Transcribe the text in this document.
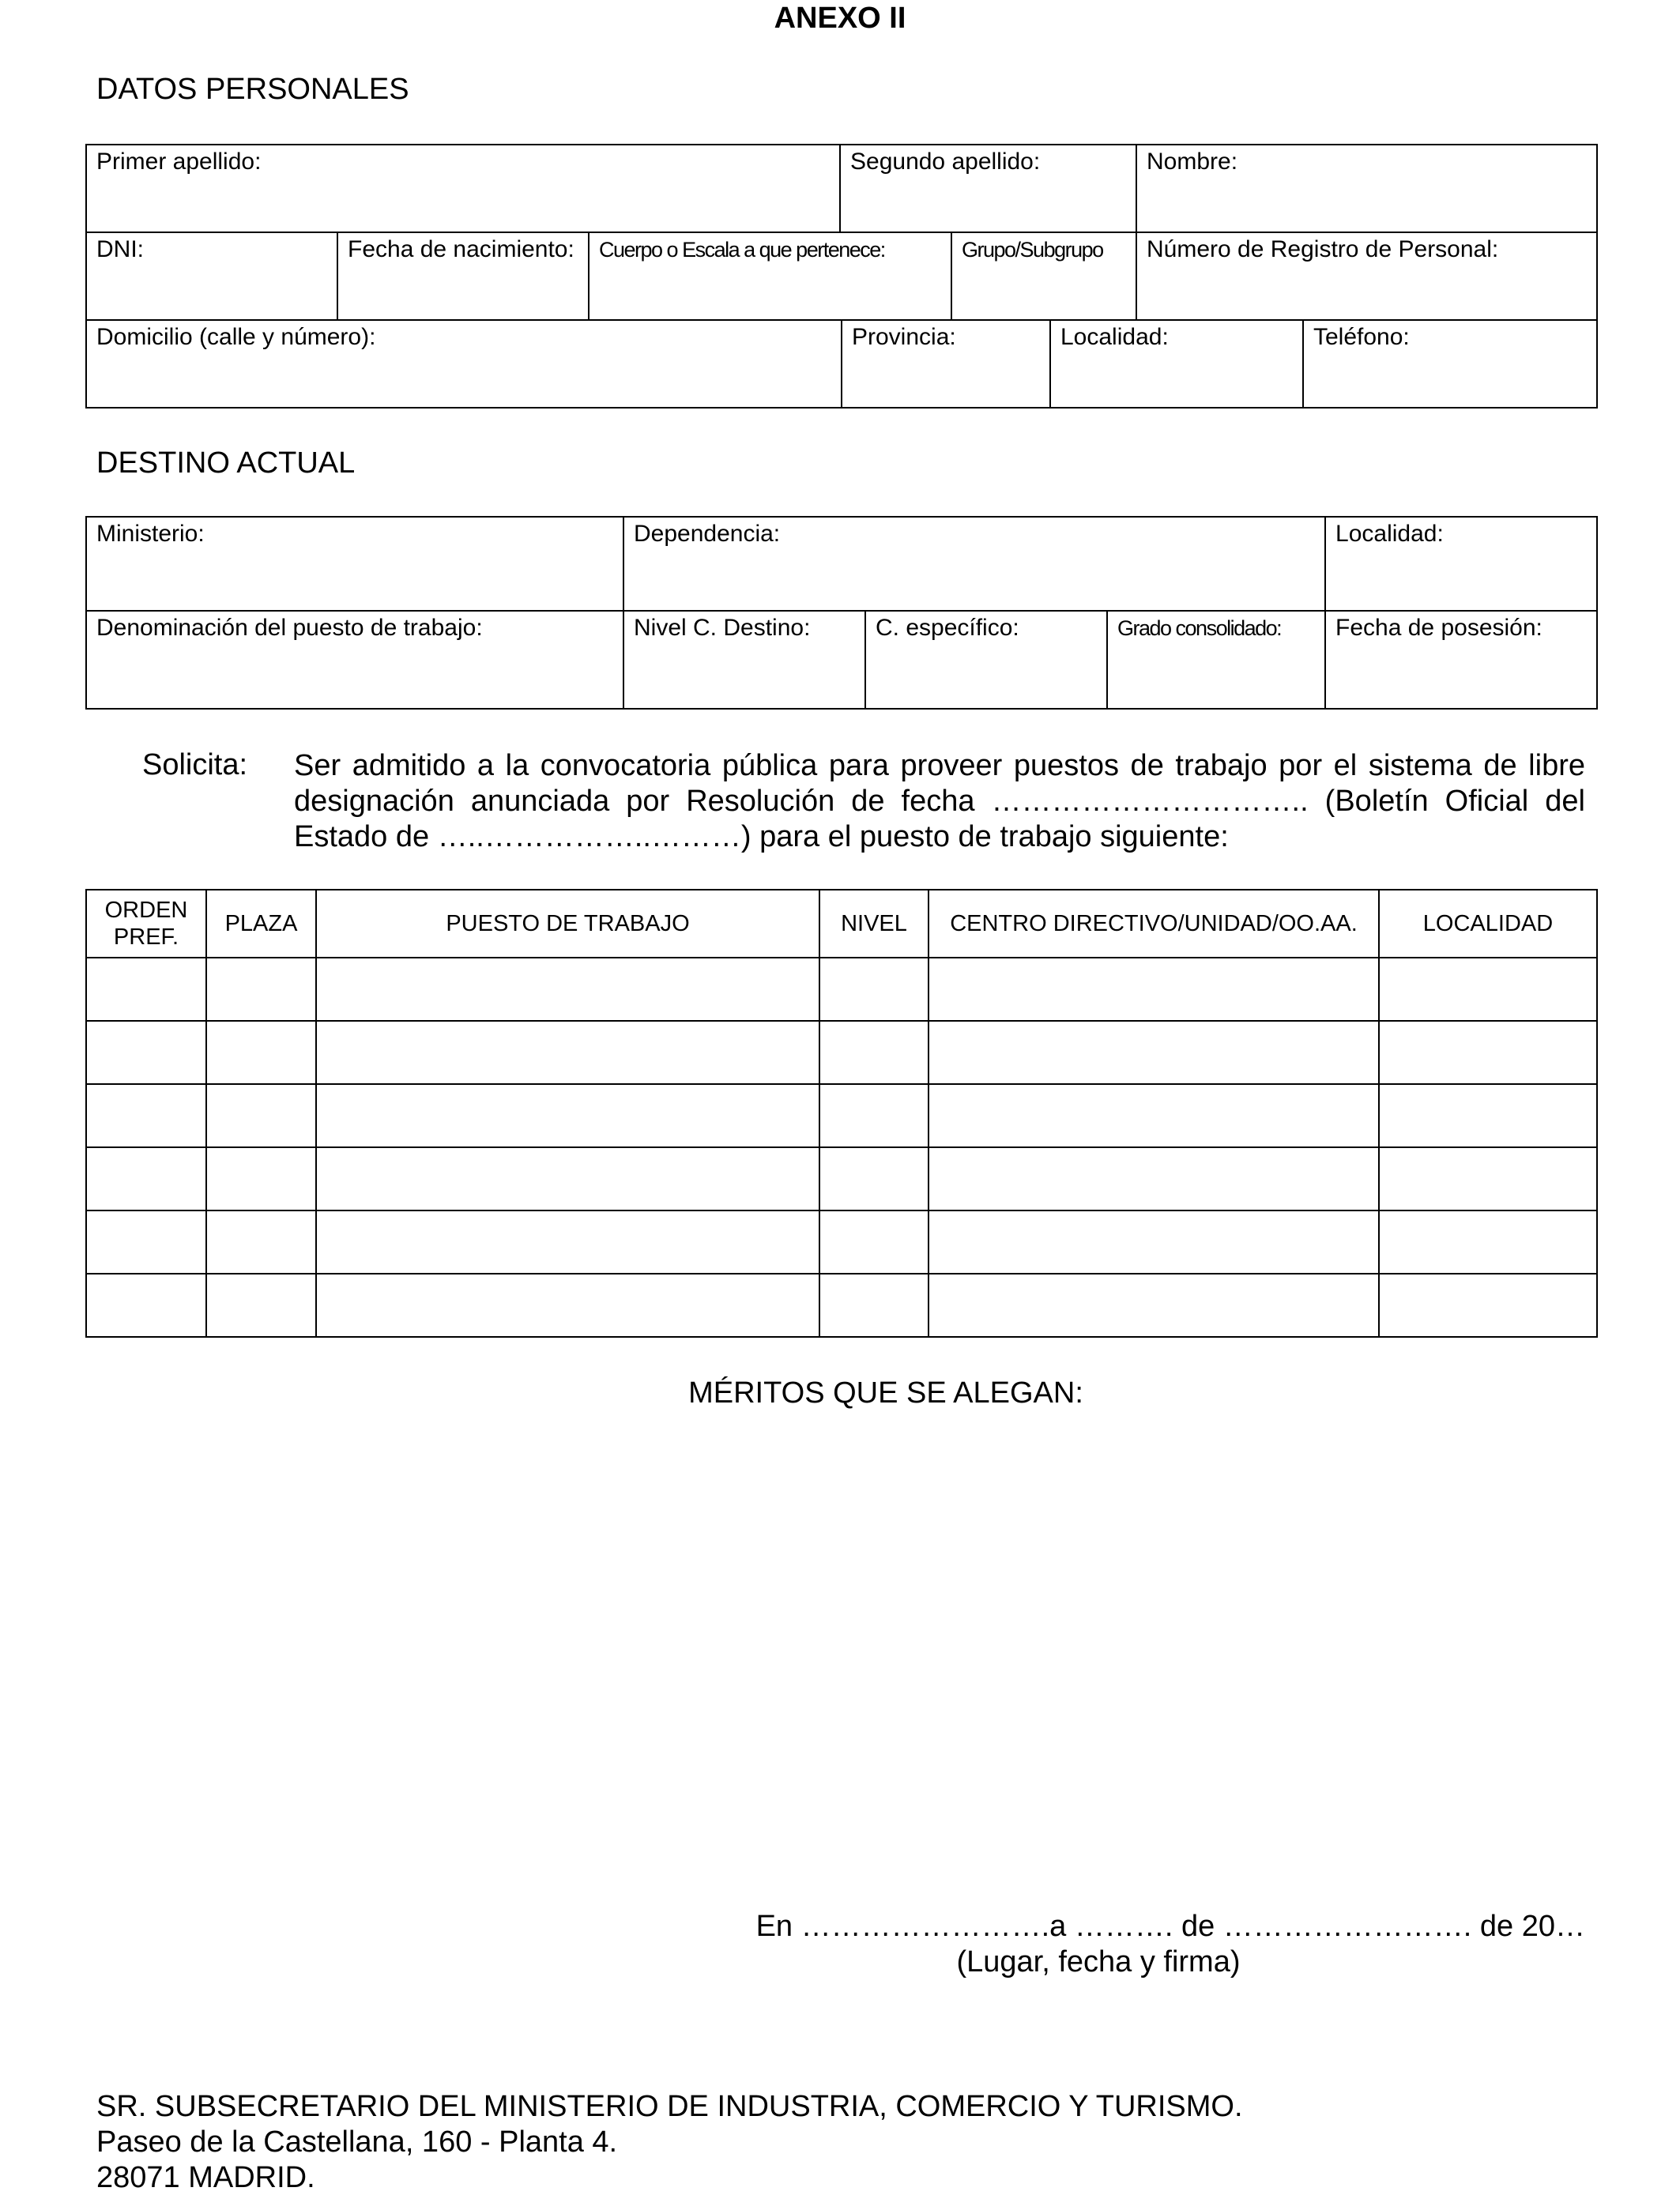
ANEXO II
DATOS PERSONALES
Primer apellido:			Segundo apellido:		Nombre:
DNI:	Fecha de nacimiento:	Cuerpo o Escala a que pertenece:		Grupo/Subgrupo	Número de Registro de Personal:
Domicilio (calle y número):	Provincia:	Localidad:	Teléfono:
DESTINO ACTUAL
Ministerio:	Dependencia:			Localidad:
Denominación del puesto de trabajo:	Nivel C. Destino:	C. específico:	Grado consolidado:	Fecha de posesión:
Solicita: Ser admitido a la convocatoria pública para proveer puestos de trabajo por el sistema de libre designación anunciada por Resolución de fecha ………………………….. (Boletín Oficial del Estado de …..……………..………) para el puesto de trabajo siguiente:
ORDEN PREF.	PLAZA	PUESTO DE TRABAJO	NIVEL	CENTRO DIRECTIVO/UNIDAD/OO.AA.	LOCALIDAD

MÉRITOS QUE SE ALEGAN:
En …………………….a ………. de ……………………. de 20…
(Lugar, fecha y firma)
SR. SUBSECRETARIO DEL MINISTERIO DE INDUSTRIA, COMERCIO Y TURISMO.
Paseo de la Castellana, 160 - Planta 4.
28071 MADRID.
